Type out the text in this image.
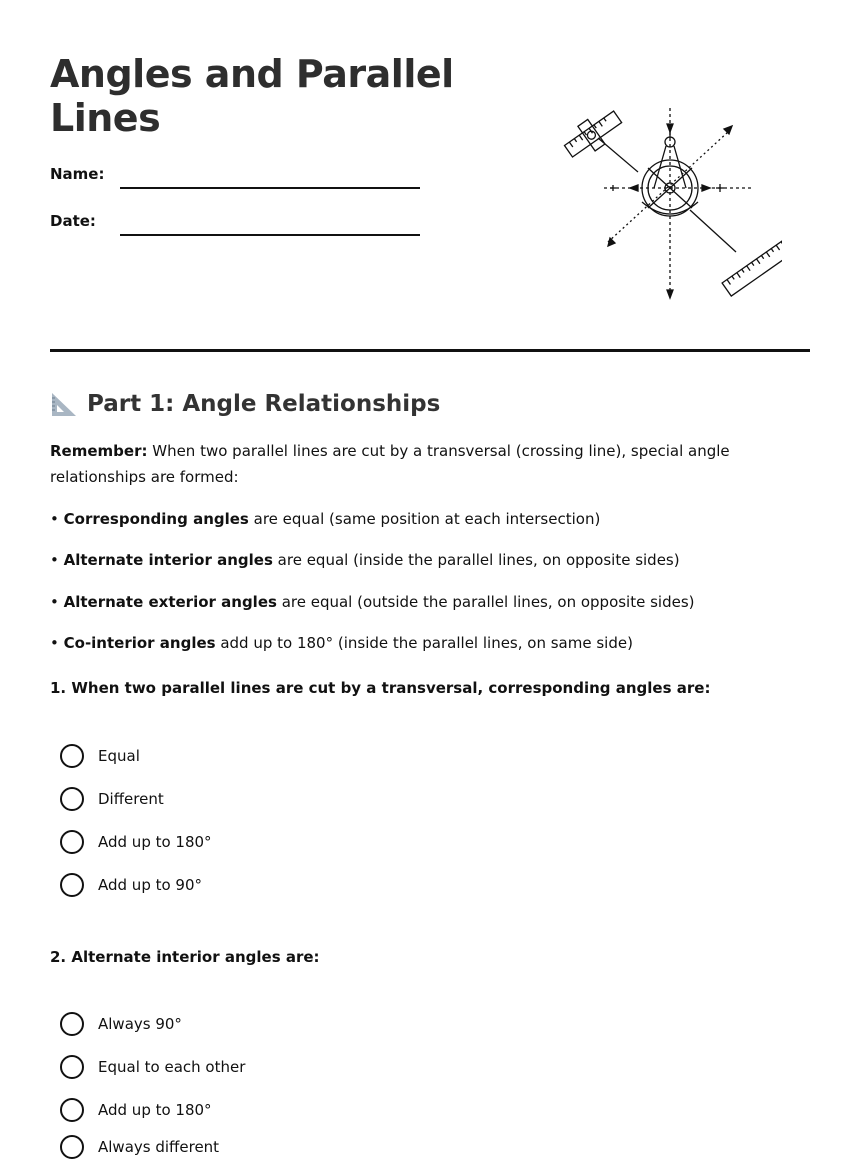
Angles and Parallel Lines
Name:
Date:
Part 1: Angle Relationships

Remember: When two parallel lines are cut by a transversal (crossing line), special angle relationships are formed:

• Corresponding angles are equal (same position at each intersection)

• Alternate interior angles are equal (inside the parallel lines, on opposite sides)

• Alternate exterior angles are equal (outside the parallel lines, on opposite sides)

• Co-interior angles add up to 180° (inside the parallel lines, on same side)

1. When two parallel lines are cut by a transversal, corresponding angles are:

Equal
Different
Add up to 180°
Add up to 90°

2. Alternate interior angles are:

Always 90°
Equal to each other
Add up to 180°
Always different
